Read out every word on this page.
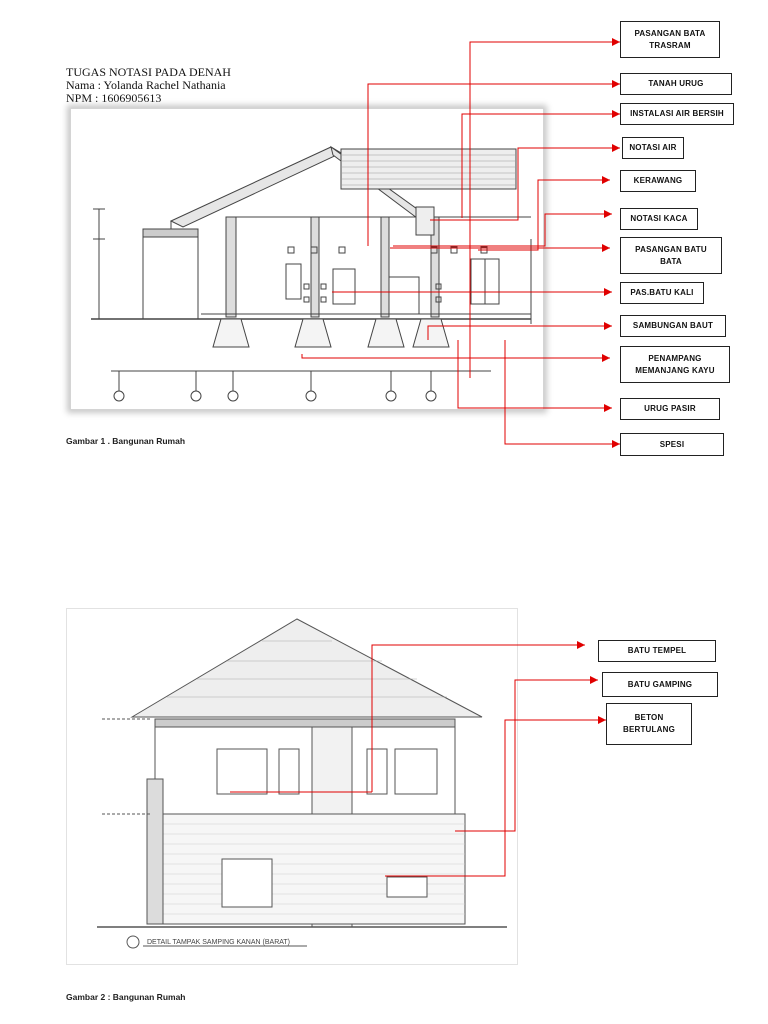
TUGAS NOTASI PADA DENAH
Nama : Yolanda Rachel Nathania
NPM : 1606905613
DETAIL TAMPAK SAMPING KANAN (BARAT)
PASANGAN BATA TRASRAM
TANAH URUG
INSTALASI AIR BERSIH
NOTASI AIR
KERAWANG
NOTASI KACA
PASANGAN BATU BATA
PAS.BATU KALI
SAMBUNGAN BAUT
PENAMPANG MEMANJANG KAYU
URUG PASIR
SPESI
Gambar 1 . Bangunan Rumah
BATU TEMPEL
BATU GAMPING
BETON BERTULANG
Gambar 2 : Bangunan Rumah
